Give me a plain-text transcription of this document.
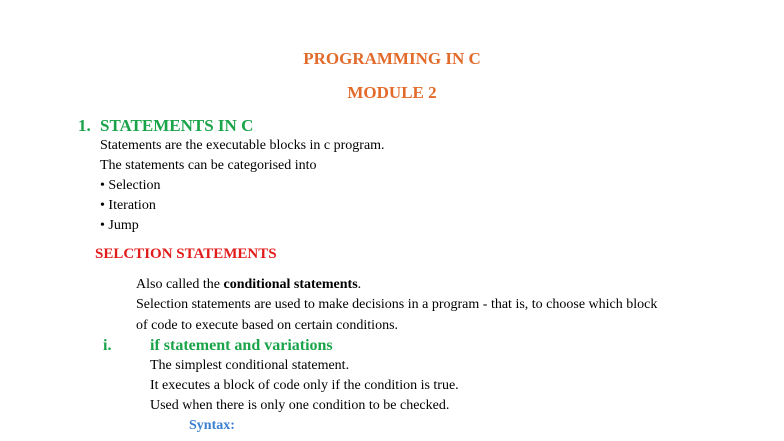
PROGRAMMING IN C
MODULE 2
1. STATEMENTS IN C
Statements are the executable blocks in c program.
The statements can be categorised into
• Selection
• Iteration
• Jump
SELCTION STATEMENTS
Also called the conditional statements.
Selection statements are used to make decisions in a program - that is, to choose which block
of code to execute based on certain conditions.
i. if statement and variations
The simplest conditional statement.
It executes a block of code only if the condition is true.
Used when there is only one condition to be checked.
Syntax:
